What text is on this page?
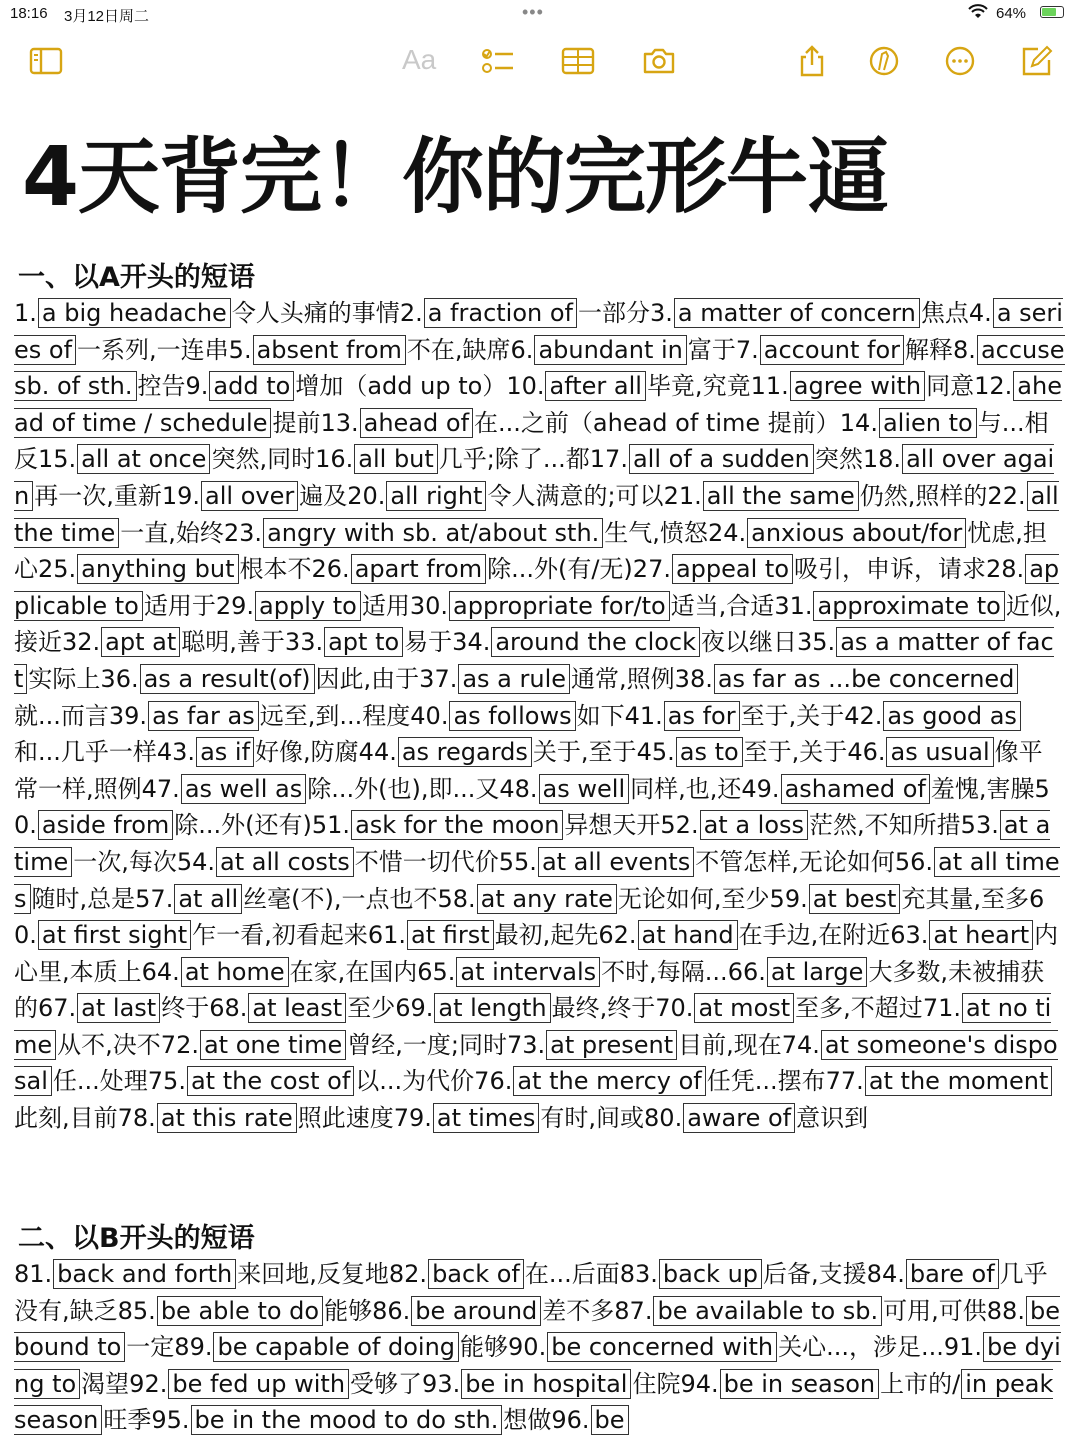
18:16 3月12日周二	•••	64%
Aa
4天背完！你的完形牛逼
一、以A开头的短语
1. a big headache 令人头痛的事情2. a fraction of 一部分3. a matter of concern 焦点4. a series of 一系列,一连串5. absent from 不在,缺席6. abundant in 富于7. account for 解释8. accuse sb. of sth. 控告9. add to 增加（add up to）10. after all 毕竟,究竟11. agree with 同意12. ahead of time / schedule 提前13. ahead of 在...之前（ahead of time 提前）14. alien to 与...相反15. all at once 突然,同时16. all but 几乎;除了...都17. all of a sudden 突然18. all over again 再一次,重新19. all over 遍及20. all right 令人满意的;可以21. all the same 仍然,照样的22. all the time 一直,始终23. angry with sb. at/about sth. 生气,愤怒24. anxious about/for 忧虑,担心25. anything but 根本不26. apart from 除...外(有/无)27. appeal to 吸引，申诉，请求28. applicable to 适用于29. apply to 适用30. appropriate for/to 适当,合适31. approximate to 近似,接近32. apt at 聪明,善于33. apt to 易于34. around the clock 夜以继日35. as a matter of fact 实际上36. as a result(of) 因此,由于37. as a rule 通常,照例38. as far as ...be concerned就...而言39. as far as 远至,到...程度40. as follows 如下41. as for 至于,关于42. as good as和...几乎一样43. as if 好像,防腐44. as regards 关于,至于45. as to 至于,关于46. as usual 像平常一样,照例47. as well as 除...外(也),即...又48. as well 同样,也,还49. ashamed of 羞愧,害臊50. aside from 除...外(还有)51. ask for the moon 异想天开52. at a loss 茫然,不知所措53. at a time 一次,每次54. at all costs 不惜一切代价55. at all events 不管怎样,无论如何56. at all times 随时,总是57. at all 丝毫(不),一点也不58. at any rate 无论如何,至少59. at best 充其量,至多60. at first sight 乍一看,初看起来61. at first 最初,起先62. at hand 在手边,在附近63. at heart 内心里,本质上64. at home 在家,在国内65. at intervals 不时,每隔...66. at large 大多数,未被捕获的67. at last 终于68. at least 至少69. at length 最终,终于70. at most 至多,不超过71. at no time 从不,决不72. at one time 曾经,一度;同时73. at present 目前,现在74. at someone's disposal 任...处理75. at the cost of 以...为代价76. at the mercy of 任凭...摆布77. at the moment此刻,目前78. at this rate 照此速度79. at times 有时,间或80. aware of 意识到
二、以B开头的短语
81. back and forth 来回地,反复地82. back of 在...后面83. back up 后备,支援84. bare of 几乎没有,缺乏85. be able to do 能够86. be around 差不多87. be available to sb. 可用,可供88. be bound to 一定89. be capable of doing 能够90. be concerned with 关心...，涉足...91. be dying to 渴望92. be fed up with 受够了93. be in hospital 住院94. be in season 上市的/ in peak season 旺季95. be in the mood to do sth. 想做96. be
